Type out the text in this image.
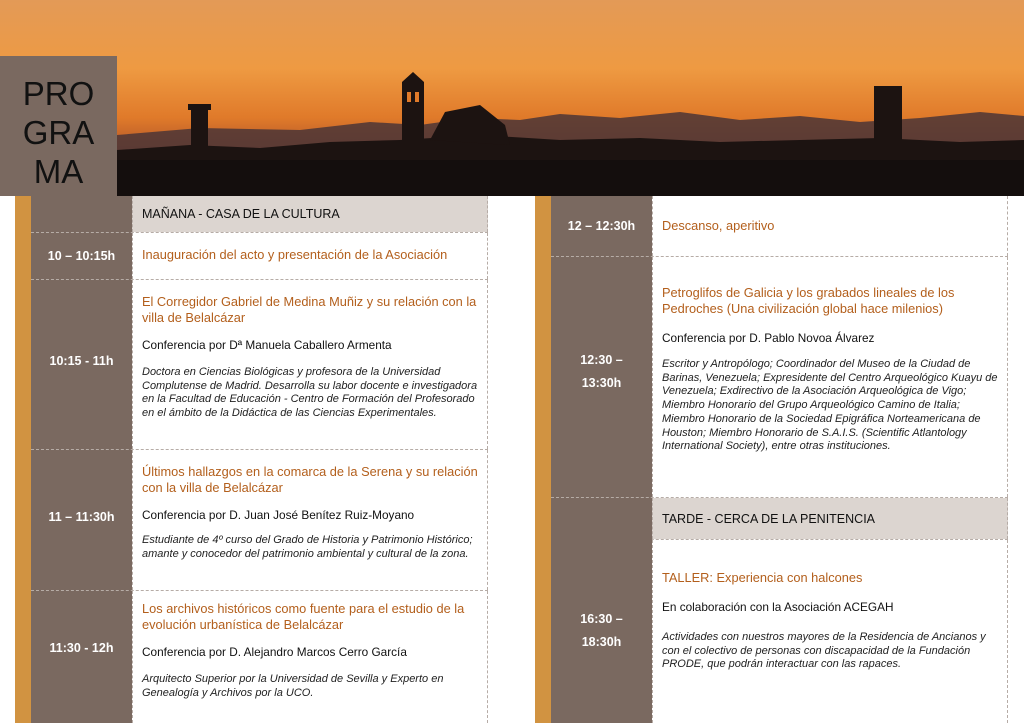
PRO
GRA
MA
MAÑANA - CASA DE LA CULTURA
10 – 10:15h	Inauguración del acto y presentación de la Asociación
10:15 - 11h
El Corregidor Gabriel de Medina Muñiz y su relación con la villa de Belalcázar
Conferencia por Dª Manuela Caballero Armenta
Doctora en Ciencias Biológicas y profesora de la Universidad Complutense de Madrid. Desarrolla su labor docente e investigadora en la Facultad de Educación - Centro de Formación del Profesorado en el ámbito de la Didáctica de las Ciencias Experimentales.
11 – 11:30h
Últimos hallazgos en la comarca de la Serena y su relación con la villa de Belalcázar
Conferencia por D. Juan José Benítez Ruiz-Moyano
Estudiante de 4º curso del Grado de Historia y Patrimonio Histórico; amante y conocedor del patrimonio ambiental y cultural de la zona.
11:30 - 12h
Los archivos históricos como fuente para el estudio de la evolución urbanística de Belalcázar
Conferencia por D. Alejandro Marcos Cerro García
Arquitecto Superior por la Universidad de Sevilla y Experto en Genealogía y Archivos por la UCO.
12 – 12:30h	Descanso, aperitivo
12:30 –
13:30h
Petroglifos de Galicia y los grabados lineales de los Pedroches (Una civilización global hace milenios)
Conferencia por D. Pablo Novoa Álvarez
Escritor y Antropólogo; Coordinador del Museo de la Ciudad de Barinas, Venezuela; Expresidente del Centro Arqueológico Kuayu de Venezuela; Exdirectivo de la Asociación Arqueológica de Vigo; Miembro Honorario del Grupo Arqueológico Camino de Italia; Miembro Honorario de la Sociedad Epigráfica Norteamericana de Houston; Miembro Honorario de S.A.I.S. (Scientific Atlantology International Society), entre otras instituciones.
TARDE - CERCA DE LA PENITENCIA
16:30 –
18:30h
TALLER: Experiencia con halcones
En colaboración con la Asociación ACEGAH
Actividades con nuestros mayores de la Residencia de Ancianos y con el colectivo de personas con discapacidad de la Fundación PRODE, que podrán interactuar con las rapaces.
